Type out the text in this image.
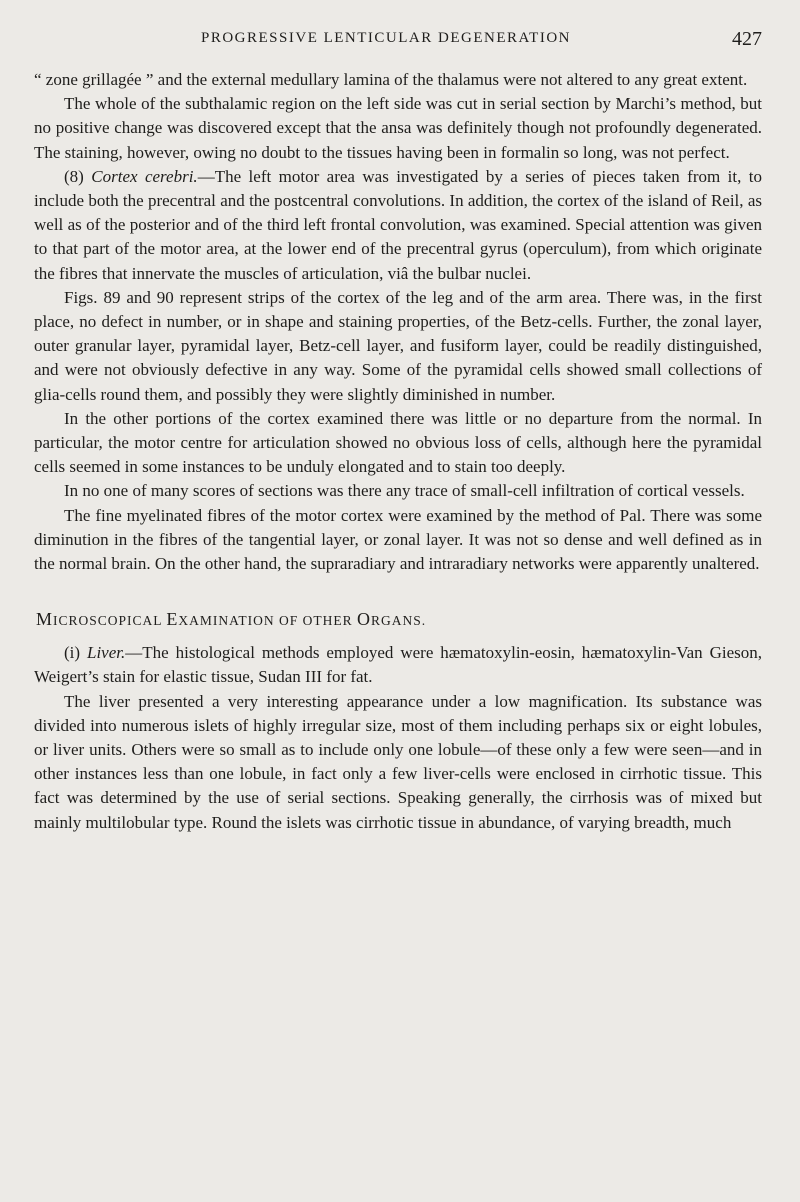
PROGRESSIVE LENTICULAR DEGENERATION	427

“ zone grillagée ” and the external medullary lamina of the thalamus were not altered to any great extent.

The whole of the subthalamic region on the left side was cut in serial section by Marchi’s method, but no positive change was discovered except that the ansa was definitely though not profoundly degenerated. The staining, however, owing no doubt to the tissues having been in formalin so long, was not perfect.

(8) Cortex cerebri.—The left motor area was investigated by a series of pieces taken from it, to include both the precentral and the postcentral convolutions. In addition, the cortex of the island of Reil, as well as of the posterior and of the third left frontal convolution, was examined. Special attention was given to that part of the motor area, at the lower end of the precentral gyrus (operculum), from which originate the fibres that innervate the muscles of articulation, viâ the bulbar nuclei.

Figs. 89 and 90 represent strips of the cortex of the leg and of the arm area. There was, in the first place, no defect in number, or in shape and staining properties, of the Betz-cells. Further, the zonal layer, outer granular layer, pyramidal layer, Betz-cell layer, and fusiform layer, could be readily distinguished, and were not obviously defective in any way. Some of the pyramidal cells showed small collections of glia-cells round them, and possibly they were slightly diminished in number.

In the other portions of the cortex examined there was little or no departure from the normal. In particular, the motor centre for articulation showed no obvious loss of cells, although here the pyramidal cells seemed in some instances to be unduly elongated and to stain too deeply.

In no one of many scores of sections was there any trace of small-cell infiltration of cortical vessels.

The fine myelinated fibres of the motor cortex were examined by the method of Pal. There was some diminution in the fibres of the tangential layer, or zonal layer. It was not so dense and well defined as in the normal brain. On the other hand, the supraradiary and intraradiary networks were apparently unaltered.

MICROSCOPICAL EXAMINATION OF OTHER ORGANS.

(i) Liver.—The histological methods employed were hæmatoxylin-eosin, hæmatoxylin-Van Gieson, Weigert’s stain for elastic tissue, Sudan III for fat.

The liver presented a very interesting appearance under a low magnification. Its substance was divided into numerous islets of highly irregular size, most of them including perhaps six or eight lobules, or liver units. Others were so small as to include only one lobule—of these only a few were seen—and in other instances less than one lobule, in fact only a few liver-cells were enclosed in cirrhotic tissue. This fact was determined by the use of serial sections. Speaking generally, the cirrhosis was of mixed but mainly multilobular type. Round the islets was cirrhotic tissue in abundance, of varying breadth, much
